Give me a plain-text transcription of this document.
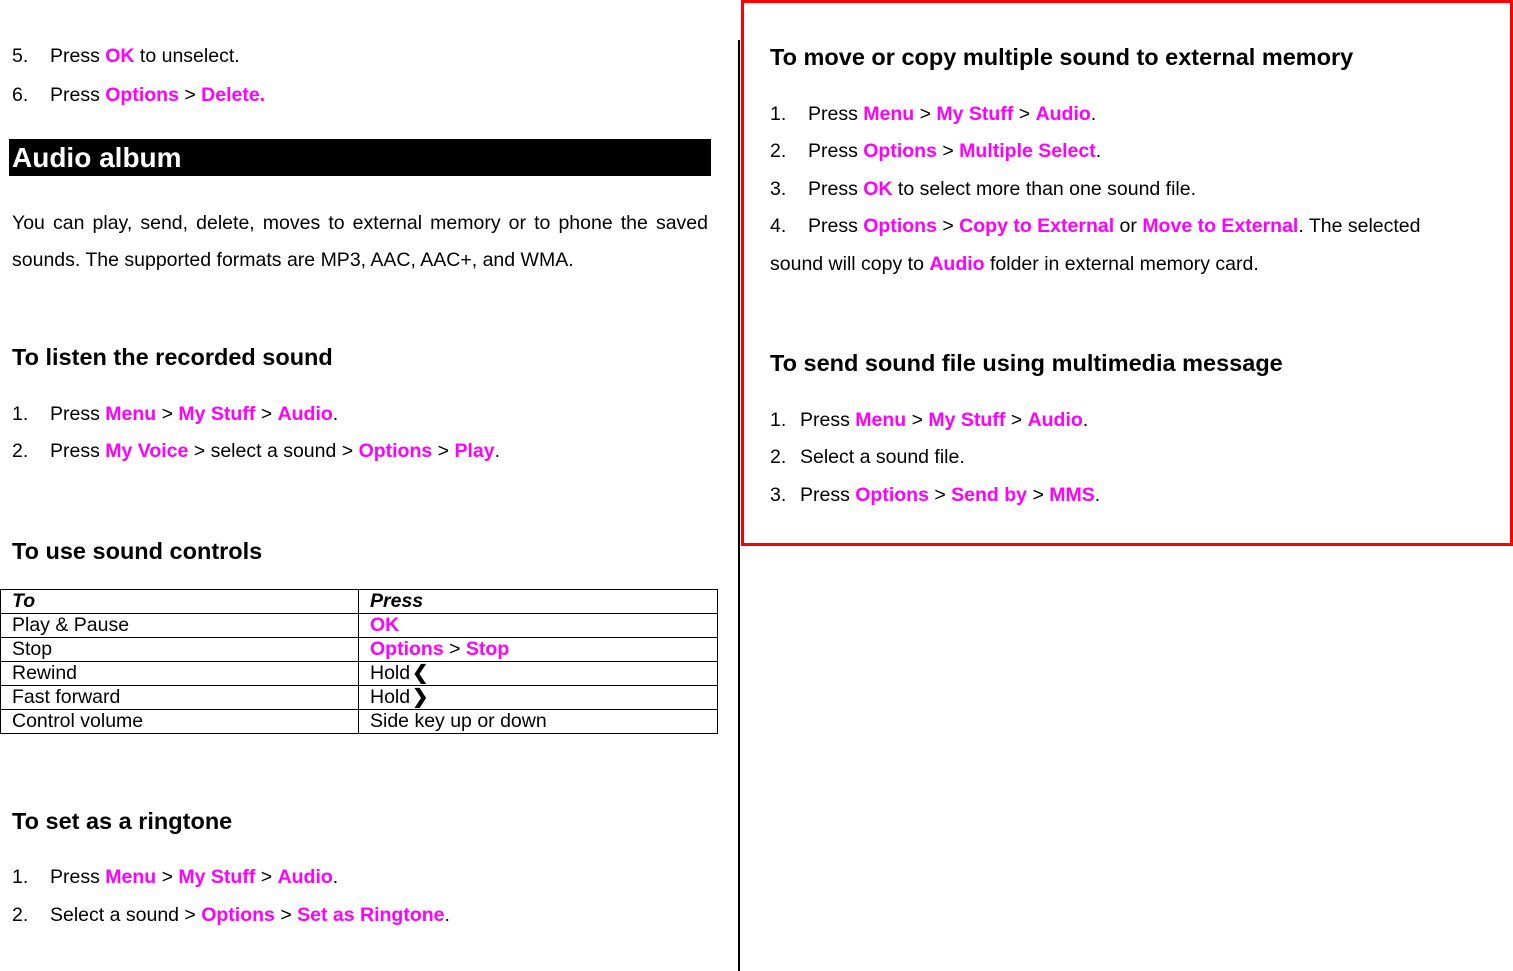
5. Press OK to unselect.
6. Press Options > Delete.
Audio album
You can play, send, delete, moves to external memory or to phone the saved sounds. The supported formats are MP3, AAC, AAC+, and WMA.
To listen the recorded sound
1. Press Menu > My Stuff > Audio.
2. Press My Voice > select a sound > Options > Play.
To use sound controls
To	Press
Play & Pause	OK
Stop	Options > Stop
Rewind	Hold ❮
Fast forward	Hold ❯
Control volume	Side key up or down
To set as a ringtone
1. Press Menu > My Stuff > Audio.
2. Select a sound > Options > Set as Ringtone.
To move or copy multiple sound to external memory
1. Press Menu > My Stuff > Audio.
2. Press Options > Multiple Select.
3. Press OK to select more than one sound file.
4. Press Options > Copy to External or Move to External. The selected
sound will copy to Audio folder in external memory card.
To send sound file using multimedia message
1. Press Menu > My Stuff > Audio.
2. Select a sound file.
3. Press Options > Send by > MMS.
